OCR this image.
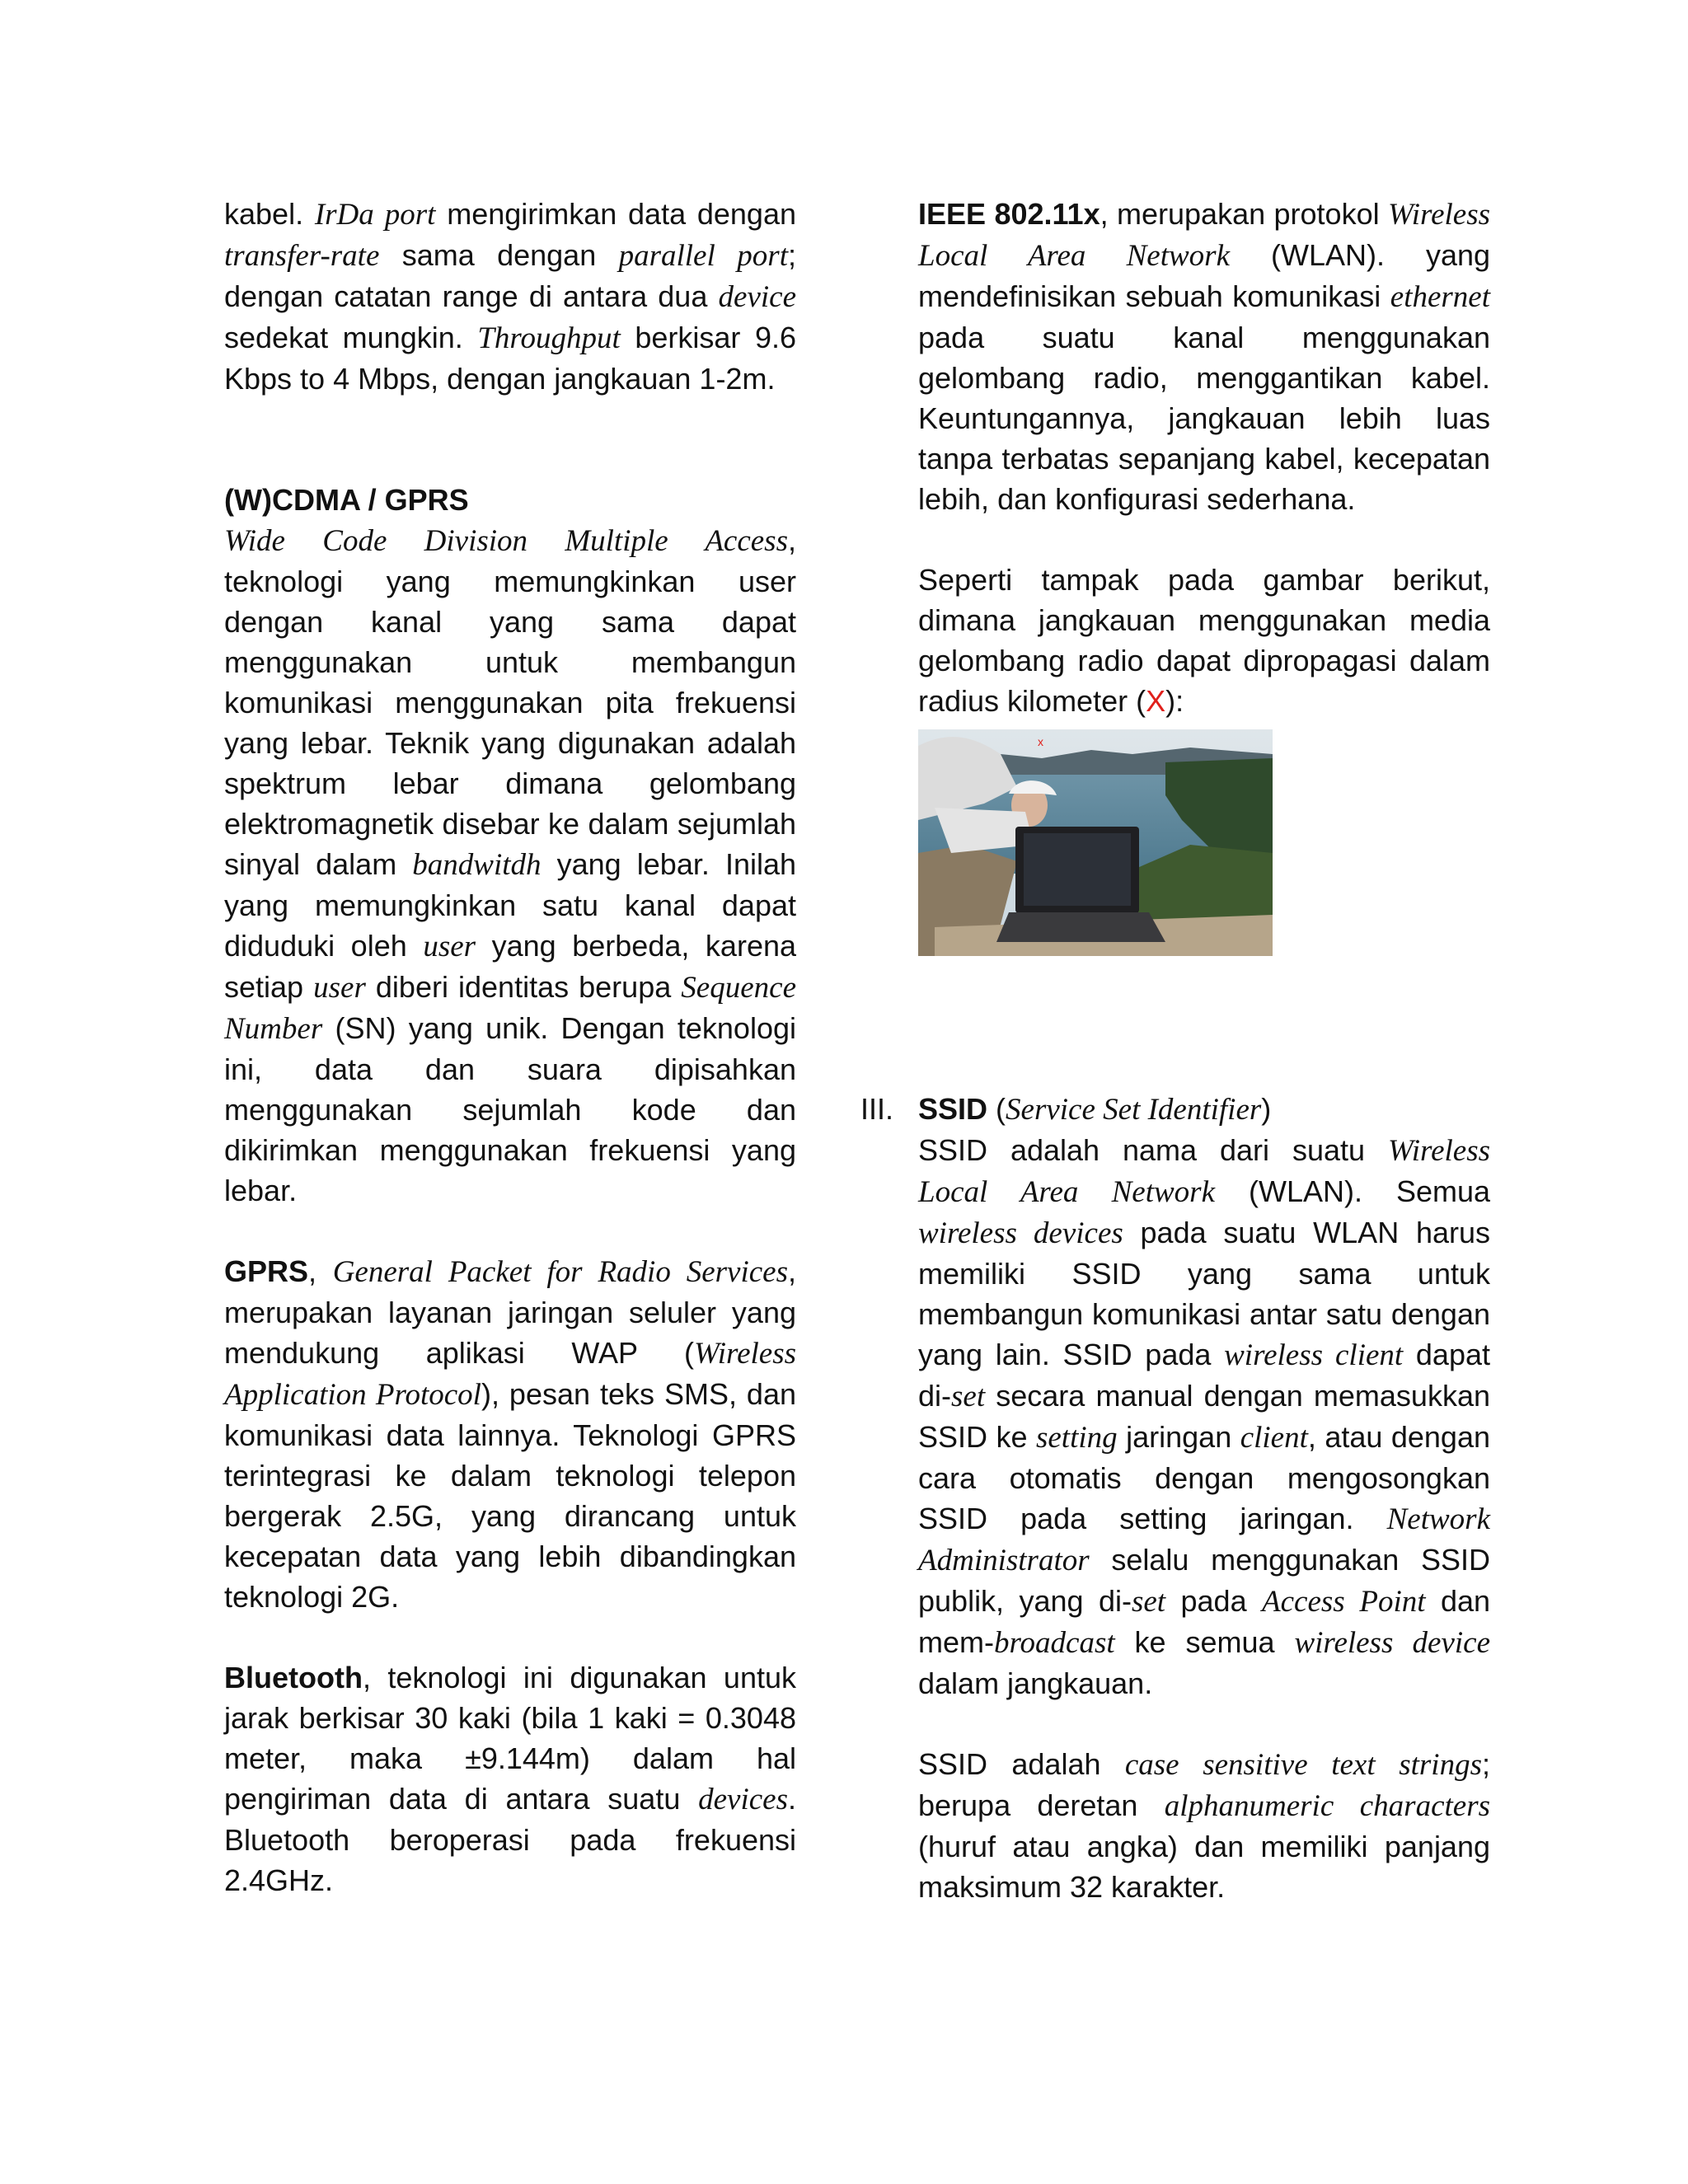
kabel. IrDa port mengirimkan data dengan transfer-rate sama dengan parallel port; dengan catatan range di antara dua device sedekat mungkin. Throughput berkisar 9.6 Kbps to 4 Mbps, dengan jangkauan 1-2m.

(W)CDMA / GPRS

Wide Code Division Multiple Access, teknologi yang memungkinkan user dengan kanal yang sama dapat menggunakan untuk membangun komunikasi menggunakan pita frekuensi yang lebar. Teknik yang digunakan adalah spektrum lebar dimana gelombang elektromagnetik disebar ke dalam sejumlah sinyal dalam bandwitdh yang lebar. Inilah yang memungkinkan satu kanal dapat diduduki oleh user yang berbeda, karena setiap user diberi identitas berupa Sequence Number (SN) yang unik. Dengan teknologi ini, data dan suara dipisahkan menggunakan sejumlah kode dan dikirimkan menggunakan frekuensi yang lebar.

GPRS, General Packet for Radio Services, merupakan layanan jaringan seluler yang mendukung aplikasi WAP (Wireless Application Protocol), pesan teks SMS, dan komunikasi data lainnya. Teknologi GPRS terintegrasi ke dalam teknologi telepon bergerak 2.5G, yang dirancang untuk kecepatan data yang lebih dibandingkan teknologi 2G.

Bluetooth, teknologi ini digunakan untuk jarak berkisar 30 kaki (bila 1 kaki = 0.3048 meter, maka ±9.144m) dalam hal pengiriman data di antara suatu devices. Bluetooth beroperasi pada frekuensi 2.4GHz.

IEEE 802.11x, merupakan protokol Wireless Local Area Network (WLAN). yang mendefinisikan sebuah komunikasi ethernet pada suatu kanal menggunakan gelombang radio, menggantikan kabel. Keuntungannya, jangkauan lebih luas tanpa terbatas sepanjang kabel, kecepatan lebih, dan konfigurasi sederhana.

Seperti tampak pada gambar berikut, dimana jangkauan menggunakan media gelombang radio dapat dipropagasi dalam radius kilometer (X):

x
III. SSID (Service Set Identifier)

SSID adalah nama dari suatu Wireless Local Area Network (WLAN). Semua wireless devices pada suatu WLAN harus memiliki SSID yang sama untuk membangun komunikasi antar satu dengan yang lain. SSID pada wireless client dapat di-set secara manual dengan memasukkan SSID ke setting jaringan client, atau dengan cara otomatis dengan mengosongkan SSID pada setting jaringan. Network Administrator selalu menggunakan SSID publik, yang di-set pada Access Point dan mem-broadcast ke semua wireless device dalam jangkauan.

SSID adalah case sensitive text strings; berupa deretan alphanumeric characters (huruf atau angka) dan memiliki panjang maksimum 32 karakter.
